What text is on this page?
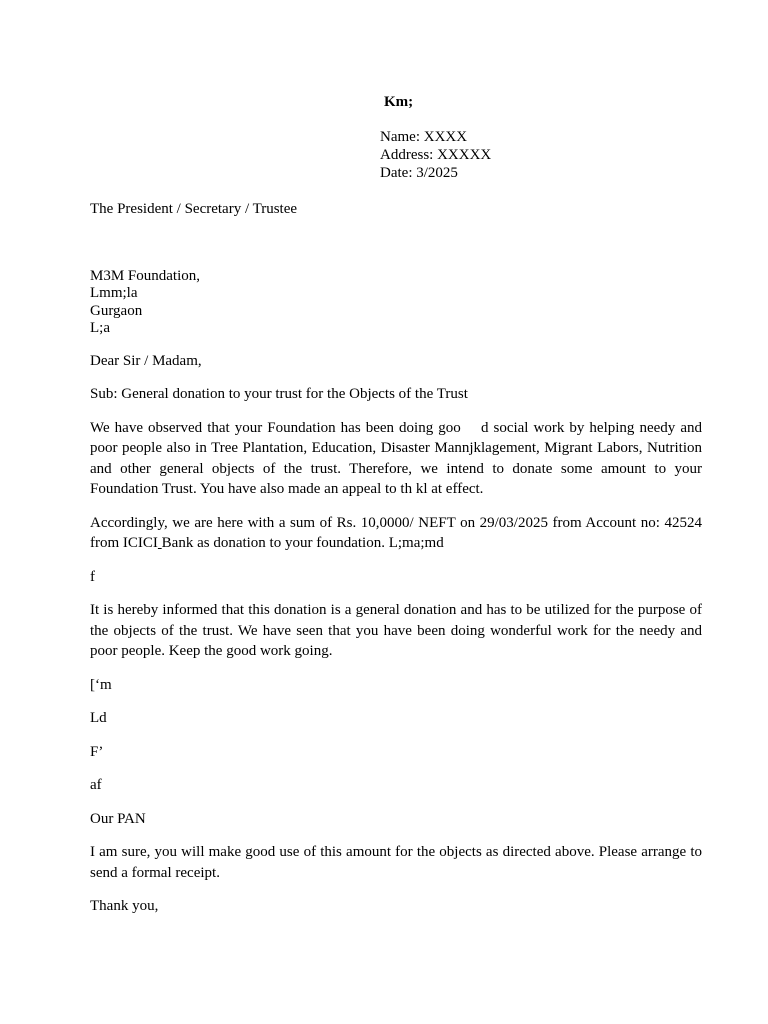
Km;
Name: XXXX
Address: XXXXX
Date: 3/2025

The President / Secretary / Trustee

M3M Foundation,
Lmm;la
Gurgaon
L;a

Dear Sir / Madam,

Sub: General donation to your trust for the Objects of the Trust

We have observed that your Foundation has been doing goo    d social work by helping needy and poor people also in Tree Plantation, Education, Disaster Mannjklagement, Migrant Labors, Nutrition and other general objects of the trust. Therefore, we intend to donate some amount to your Foundation Trust. You have also made an appeal to th kl at effect.

Accordingly, we are here with a sum of Rs. 10,0000/ NEFT on 29/03/2025 from Account no: 42524 from ICICI Bank as donation to your foundation. L;ma;md

f

It is hereby informed that this donation is a general donation and has to be utilized for the purpose of the objects of the trust. We have seen that you have been doing wonderful work for the needy and poor people. Keep the good work going.

[‘m

Ld

F’

af

Our PAN

I am sure, you will make good use of this amount for the objects as directed above. Please arrange to send a formal receipt.

Thank you,
